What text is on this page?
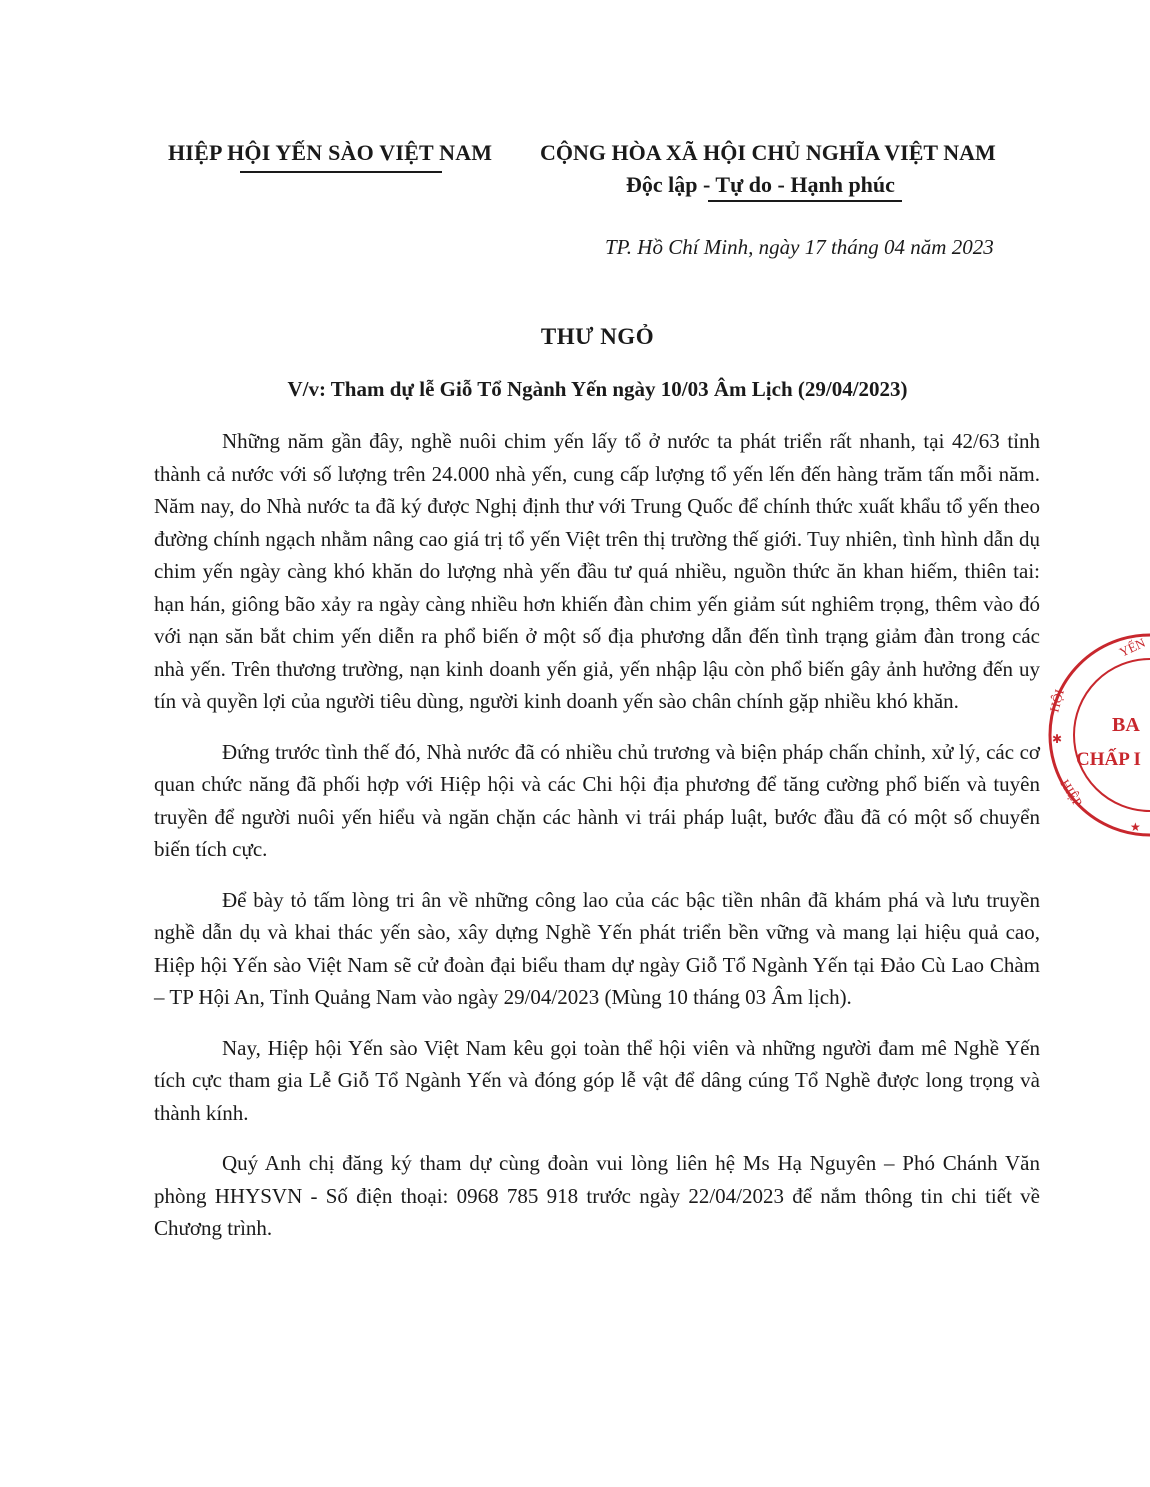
HIỆP HỘI YẾN SÀO VIỆT NAM CỘNG HÒA XÃ HỘI CHỦ NGHĨA VIỆT NAM
Độc lập - Tự do - Hạnh phúc
TP. Hồ Chí Minh, ngày 17 tháng 04 năm 2023
THƯ NGỎ
V/v: Tham dự lễ Giỗ Tổ Ngành Yến ngày 10/03 Âm Lịch (29/04/2023)

Những năm gần đây, nghề nuôi chim yến lấy tổ ở nước ta phát triển rất nhanh, tại 42/63 tỉnh thành cả nước với số lượng trên 24.000 nhà yến, cung cấp lượng tổ yến lến đến hàng trăm tấn mỗi năm. Năm nay, do Nhà nước ta đã ký được Nghị định thư với Trung Quốc để chính thức xuất khẩu tổ yến theo đường chính ngạch nhằm nâng cao giá trị tổ yến Việt trên thị trường thế giới. Tuy nhiên, tình hình dẫn dụ chim yến ngày càng khó khăn do lượng nhà yến đầu tư quá nhiều, nguồn thức ăn khan hiếm, thiên tai: hạn hán, giông bão xảy ra ngày càng nhiều hơn khiến đàn chim yến giảm sút nghiêm trọng, thêm vào đó với nạn săn bắt chim yến diễn ra phổ biến ở một số địa phương dẫn đến tình trạng giảm đàn trong các nhà yến. Trên thương trường, nạn kinh doanh yến giả, yến nhập lậu còn phổ biến gây ảnh hưởng đến uy tín và quyền lợi của người tiêu dùng, người kinh doanh yến sào chân chính gặp nhiều khó khăn.

Đứng trước tình thế đó, Nhà nước đã có nhiều chủ trương và biện pháp chấn chỉnh, xử lý, các cơ quan chức năng đã phối hợp với Hiệp hội và các Chi hội địa phương để tăng cường phổ biến và tuyên truyền để người nuôi yến hiểu và ngăn chặn các hành vi trái pháp luật, bước đầu đã có một số chuyển biến tích cực.

Để bày tỏ tấm lòng tri ân về những công lao của các bậc tiền nhân đã khám phá và lưu truyền nghề dẫn dụ và khai thác yến sào, xây dựng Nghề Yến phát triển bền vững và mang lại hiệu quả cao, Hiệp hội Yến sào Việt Nam sẽ cử đoàn đại biểu tham dự ngày Giỗ Tổ Ngành Yến tại Đảo Cù Lao Chàm – TP Hội An, Tỉnh Quảng Nam vào ngày 29/04/2023 (Mùng 10 tháng 03 Âm lịch).

Nay, Hiệp hội Yến sào Việt Nam kêu gọi toàn thể hội viên và những người đam mê Nghề Yến tích cực tham gia Lễ Giỗ Tổ Ngành Yến và đóng góp lễ vật để dâng cúng Tổ Nghề được long trọng và thành kính.

Quý Anh chị đăng ký tham dự cùng đoàn vui lòng liên hệ Ms Hạ Nguyên – Phó Chánh Văn phòng HHYSVN - Số điện thoại: 0968 785 918 trước ngày 22/04/2023 để nắm thông tin chi tiết về Chương trình.

YẾN
HỘI
HIỆP
✱
★
BA
CHẤP I
